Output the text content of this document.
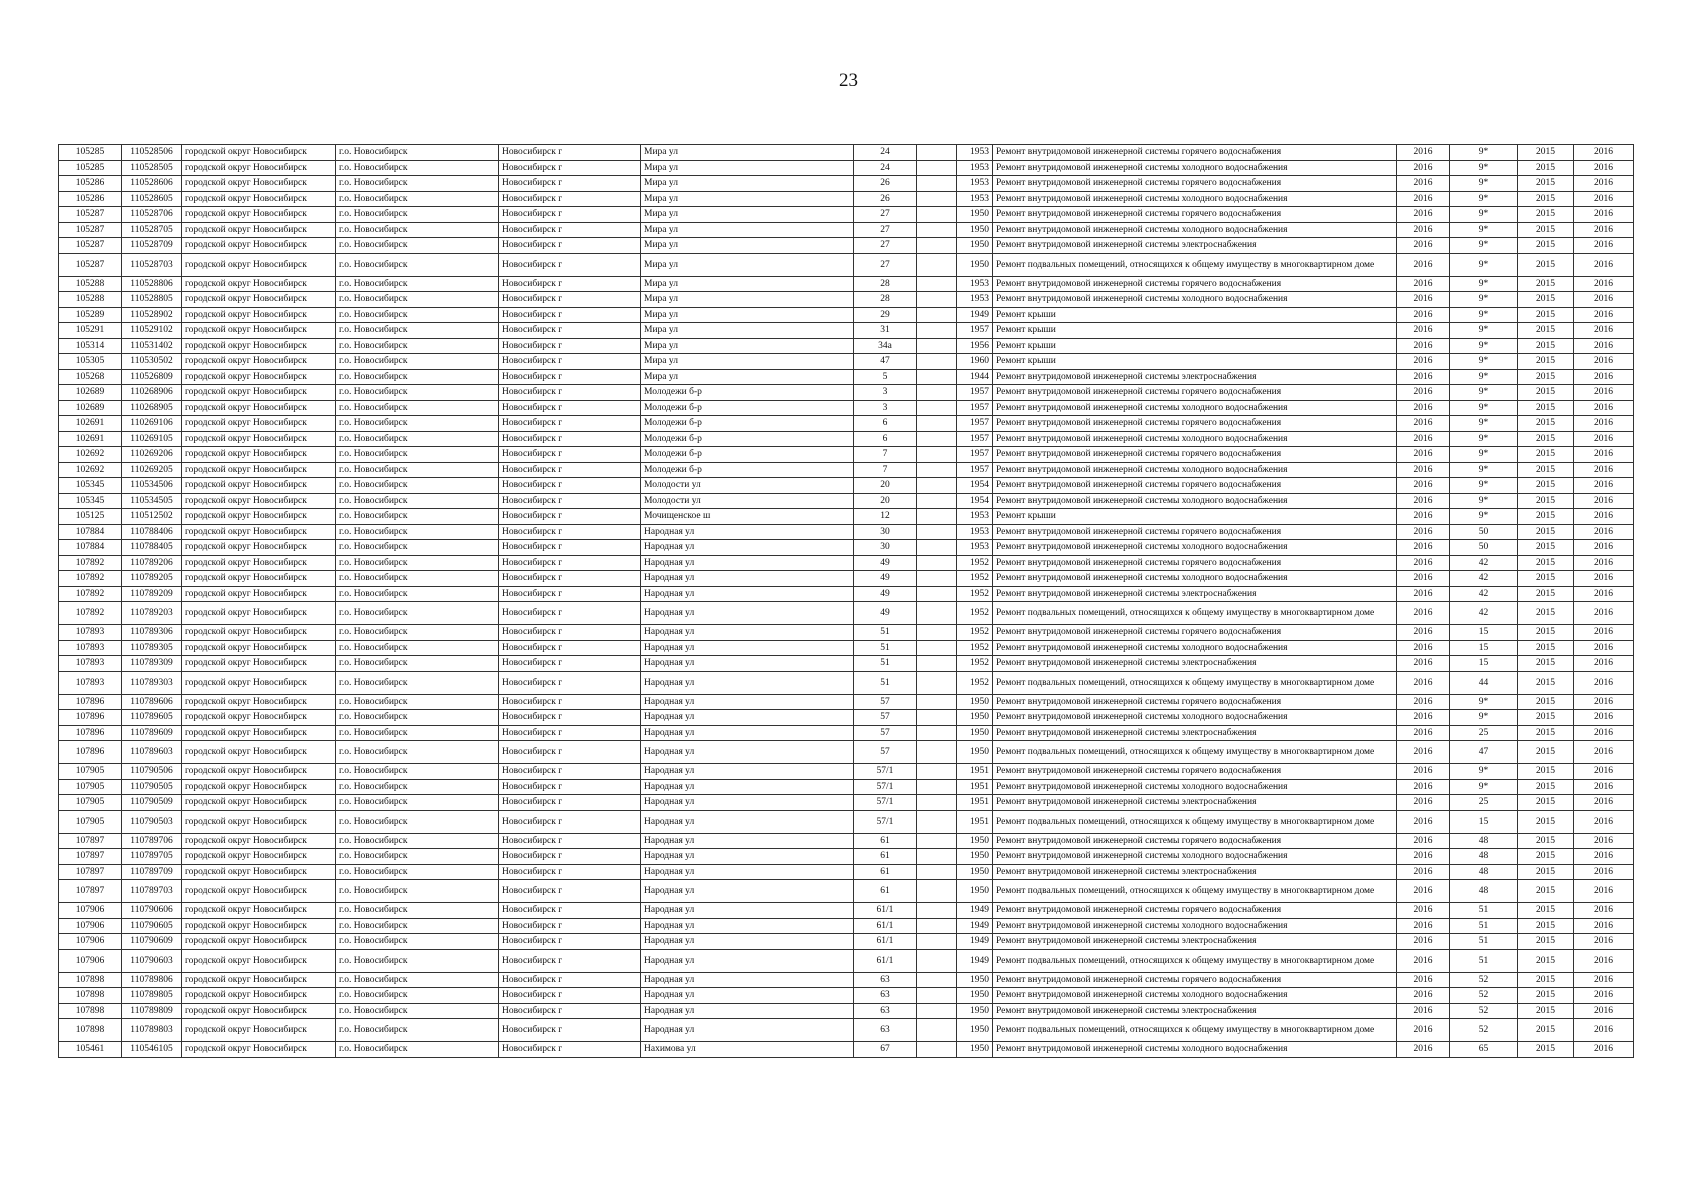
23
105285	110528506	городской округ Новосибирск	г.о. Новосибирск	Новосибирск г	Мира ул	24		1953	Ремонт внутридомовой инженерной системы горячего водоснабжения	2016	9*	2015	2016
105285	110528505	городской округ Новосибирск	г.о. Новосибирск	Новосибирск г	Мира ул	24		1953	Ремонт внутридомовой инженерной системы холодного водоснабжения	2016	9*	2015	2016
105286	110528606	городской округ Новосибирск	г.о. Новосибирск	Новосибирск г	Мира ул	26		1953	Ремонт внутридомовой инженерной системы горячего водоснабжения	2016	9*	2015	2016
105286	110528605	городской округ Новосибирск	г.о. Новосибирск	Новосибирск г	Мира ул	26		1953	Ремонт внутридомовой инженерной системы холодного водоснабжения	2016	9*	2015	2016
105287	110528706	городской округ Новосибирск	г.о. Новосибирск	Новосибирск г	Мира ул	27		1950	Ремонт внутридомовой инженерной системы горячего водоснабжения	2016	9*	2015	2016
105287	110528705	городской округ Новосибирск	г.о. Новосибирск	Новосибирск г	Мира ул	27		1950	Ремонт внутридомовой инженерной системы холодного водоснабжения	2016	9*	2015	2016
105287	110528709	городской округ Новосибирск	г.о. Новосибирск	Новосибирск г	Мира ул	27		1950	Ремонт внутридомовой инженерной системы электроснабжения	2016	9*	2015	2016
105287	110528703	городской округ Новосибирск	г.о. Новосибирск	Новосибирск г	Мира ул	27		1950	Ремонт подвальных помещений, относящихся к общему имуществу в многоквартирном доме	2016	9*	2015	2016
105288	110528806	городской округ Новосибирск	г.о. Новосибирск	Новосибирск г	Мира ул	28		1953	Ремонт внутридомовой инженерной системы горячего водоснабжения	2016	9*	2015	2016
105288	110528805	городской округ Новосибирск	г.о. Новосибирск	Новосибирск г	Мира ул	28		1953	Ремонт внутридомовой инженерной системы холодного водоснабжения	2016	9*	2015	2016
105289	110528902	городской округ Новосибирск	г.о. Новосибирск	Новосибирск г	Мира ул	29		1949	Ремонт крыши	2016	9*	2015	2016
105291	110529102	городской округ Новосибирск	г.о. Новосибирск	Новосибирск г	Мира ул	31		1957	Ремонт крыши	2016	9*	2015	2016
105314	110531402	городской округ Новосибирск	г.о. Новосибирск	Новосибирск г	Мира ул	34а		1956	Ремонт крыши	2016	9*	2015	2016
105305	110530502	городской округ Новосибирск	г.о. Новосибирск	Новосибирск г	Мира ул	47		1960	Ремонт крыши	2016	9*	2015	2016
105268	110526809	городской округ Новосибирск	г.о. Новосибирск	Новосибирск г	Мира ул	5		1944	Ремонт внутридомовой инженерной системы электроснабжения	2016	9*	2015	2016
102689	110268906	городской округ Новосибирск	г.о. Новосибирск	Новосибирск г	Молодежи б-р	3		1957	Ремонт внутридомовой инженерной системы горячего водоснабжения	2016	9*	2015	2016
102689	110268905	городской округ Новосибирск	г.о. Новосибирск	Новосибирск г	Молодежи б-р	3		1957	Ремонт внутридомовой инженерной системы холодного водоснабжения	2016	9*	2015	2016
102691	110269106	городской округ Новосибирск	г.о. Новосибирск	Новосибирск г	Молодежи б-р	6		1957	Ремонт внутридомовой инженерной системы горячего водоснабжения	2016	9*	2015	2016
102691	110269105	городской округ Новосибирск	г.о. Новосибирск	Новосибирск г	Молодежи б-р	6		1957	Ремонт внутридомовой инженерной системы холодного водоснабжения	2016	9*	2015	2016
102692	110269206	городской округ Новосибирск	г.о. Новосибирск	Новосибирск г	Молодежи б-р	7		1957	Ремонт внутридомовой инженерной системы горячего водоснабжения	2016	9*	2015	2016
102692	110269205	городской округ Новосибирск	г.о. Новосибирск	Новосибирск г	Молодежи б-р	7		1957	Ремонт внутридомовой инженерной системы холодного водоснабжения	2016	9*	2015	2016
105345	110534506	городской округ Новосибирск	г.о. Новосибирск	Новосибирск г	Молодости ул	20		1954	Ремонт внутридомовой инженерной системы горячего водоснабжения	2016	9*	2015	2016
105345	110534505	городской округ Новосибирск	г.о. Новосибирск	Новосибирск г	Молодости ул	20		1954	Ремонт внутридомовой инженерной системы холодного водоснабжения	2016	9*	2015	2016
105125	110512502	городской округ Новосибирск	г.о. Новосибирск	Новосибирск г	Мочищенское ш	12		1953	Ремонт крыши	2016	9*	2015	2016
107884	110788406	городской округ Новосибирск	г.о. Новосибирск	Новосибирск г	Народная ул	30		1953	Ремонт внутридомовой инженерной системы горячего водоснабжения	2016	50	2015	2016
107884	110788405	городской округ Новосибирск	г.о. Новосибирск	Новосибирск г	Народная ул	30		1953	Ремонт внутридомовой инженерной системы холодного водоснабжения	2016	50	2015	2016
107892	110789206	городской округ Новосибирск	г.о. Новосибирск	Новосибирск г	Народная ул	49		1952	Ремонт внутридомовой инженерной системы горячего водоснабжения	2016	42	2015	2016
107892	110789205	городской округ Новосибирск	г.о. Новосибирск	Новосибирск г	Народная ул	49		1952	Ремонт внутридомовой инженерной системы холодного водоснабжения	2016	42	2015	2016
107892	110789209	городской округ Новосибирск	г.о. Новосибирск	Новосибирск г	Народная ул	49		1952	Ремонт внутридомовой инженерной системы электроснабжения	2016	42	2015	2016
107892	110789203	городской округ Новосибирск	г.о. Новосибирск	Новосибирск г	Народная ул	49		1952	Ремонт подвальных помещений, относящихся к общему имуществу в многоквартирном доме	2016	42	2015	2016
107893	110789306	городской округ Новосибирск	г.о. Новосибирск	Новосибирск г	Народная ул	51		1952	Ремонт внутридомовой инженерной системы горячего водоснабжения	2016	15	2015	2016
107893	110789305	городской округ Новосибирск	г.о. Новосибирск	Новосибирск г	Народная ул	51		1952	Ремонт внутридомовой инженерной системы холодного водоснабжения	2016	15	2015	2016
107893	110789309	городской округ Новосибирск	г.о. Новосибирск	Новосибирск г	Народная ул	51		1952	Ремонт внутридомовой инженерной системы электроснабжения	2016	15	2015	2016
107893	110789303	городской округ Новосибирск	г.о. Новосибирск	Новосибирск г	Народная ул	51		1952	Ремонт подвальных помещений, относящихся к общему имуществу в многоквартирном доме	2016	44	2015	2016
107896	110789606	городской округ Новосибирск	г.о. Новосибирск	Новосибирск г	Народная ул	57		1950	Ремонт внутридомовой инженерной системы горячего водоснабжения	2016	9*	2015	2016
107896	110789605	городской округ Новосибирск	г.о. Новосибирск	Новосибирск г	Народная ул	57		1950	Ремонт внутридомовой инженерной системы холодного водоснабжения	2016	9*	2015	2016
107896	110789609	городской округ Новосибирск	г.о. Новосибирск	Новосибирск г	Народная ул	57		1950	Ремонт внутридомовой инженерной системы электроснабжения	2016	25	2015	2016
107896	110789603	городской округ Новосибирск	г.о. Новосибирск	Новосибирск г	Народная ул	57		1950	Ремонт подвальных помещений, относящихся к общему имуществу в многоквартирном доме	2016	47	2015	2016
107905	110790506	городской округ Новосибирск	г.о. Новосибирск	Новосибирск г	Народная ул	57/1		1951	Ремонт внутридомовой инженерной системы горячего водоснабжения	2016	9*	2015	2016
107905	110790505	городской округ Новосибирск	г.о. Новосибирск	Новосибирск г	Народная ул	57/1		1951	Ремонт внутридомовой инженерной системы холодного водоснабжения	2016	9*	2015	2016
107905	110790509	городской округ Новосибирск	г.о. Новосибирск	Новосибирск г	Народная ул	57/1		1951	Ремонт внутридомовой инженерной системы электроснабжения	2016	25	2015	2016
107905	110790503	городской округ Новосибирск	г.о. Новосибирск	Новосибирск г	Народная ул	57/1		1951	Ремонт подвальных помещений, относящихся к общему имуществу в многоквартирном доме	2016	15	2015	2016
107897	110789706	городской округ Новосибирск	г.о. Новосибирск	Новосибирск г	Народная ул	61		1950	Ремонт внутридомовой инженерной системы горячего водоснабжения	2016	48	2015	2016
107897	110789705	городской округ Новосибирск	г.о. Новосибирск	Новосибирск г	Народная ул	61		1950	Ремонт внутридомовой инженерной системы холодного водоснабжения	2016	48	2015	2016
107897	110789709	городской округ Новосибирск	г.о. Новосибирск	Новосибирск г	Народная ул	61		1950	Ремонт внутридомовой инженерной системы электроснабжения	2016	48	2015	2016
107897	110789703	городской округ Новосибирск	г.о. Новосибирск	Новосибирск г	Народная ул	61		1950	Ремонт подвальных помещений, относящихся к общему имуществу в многоквартирном доме	2016	48	2015	2016
107906	110790606	городской округ Новосибирск	г.о. Новосибирск	Новосибирск г	Народная ул	61/1		1949	Ремонт внутридомовой инженерной системы горячего водоснабжения	2016	51	2015	2016
107906	110790605	городской округ Новосибирск	г.о. Новосибирск	Новосибирск г	Народная ул	61/1		1949	Ремонт внутридомовой инженерной системы холодного водоснабжения	2016	51	2015	2016
107906	110790609	городской округ Новосибирск	г.о. Новосибирск	Новосибирск г	Народная ул	61/1		1949	Ремонт внутридомовой инженерной системы электроснабжения	2016	51	2015	2016
107906	110790603	городской округ Новосибирск	г.о. Новосибирск	Новосибирск г	Народная ул	61/1		1949	Ремонт подвальных помещений, относящихся к общему имуществу в многоквартирном доме	2016	51	2015	2016
107898	110789806	городской округ Новосибирск	г.о. Новосибирск	Новосибирск г	Народная ул	63		1950	Ремонт внутридомовой инженерной системы горячего водоснабжения	2016	52	2015	2016
107898	110789805	городской округ Новосибирск	г.о. Новосибирск	Новосибирск г	Народная ул	63		1950	Ремонт внутридомовой инженерной системы холодного водоснабжения	2016	52	2015	2016
107898	110789809	городской округ Новосибирск	г.о. Новосибирск	Новосибирск г	Народная ул	63		1950	Ремонт внутридомовой инженерной системы электроснабжения	2016	52	2015	2016
107898	110789803	городской округ Новосибирск	г.о. Новосибирск	Новосибирск г	Народная ул	63		1950	Ремонт подвальных помещений, относящихся к общему имуществу в многоквартирном доме	2016	52	2015	2016
105461	110546105	городской округ Новосибирск	г.о. Новосибирск	Новосибирск г	Нахимова ул	67		1950	Ремонт внутридомовой инженерной системы холодного водоснабжения	2016	65	2015	2016
